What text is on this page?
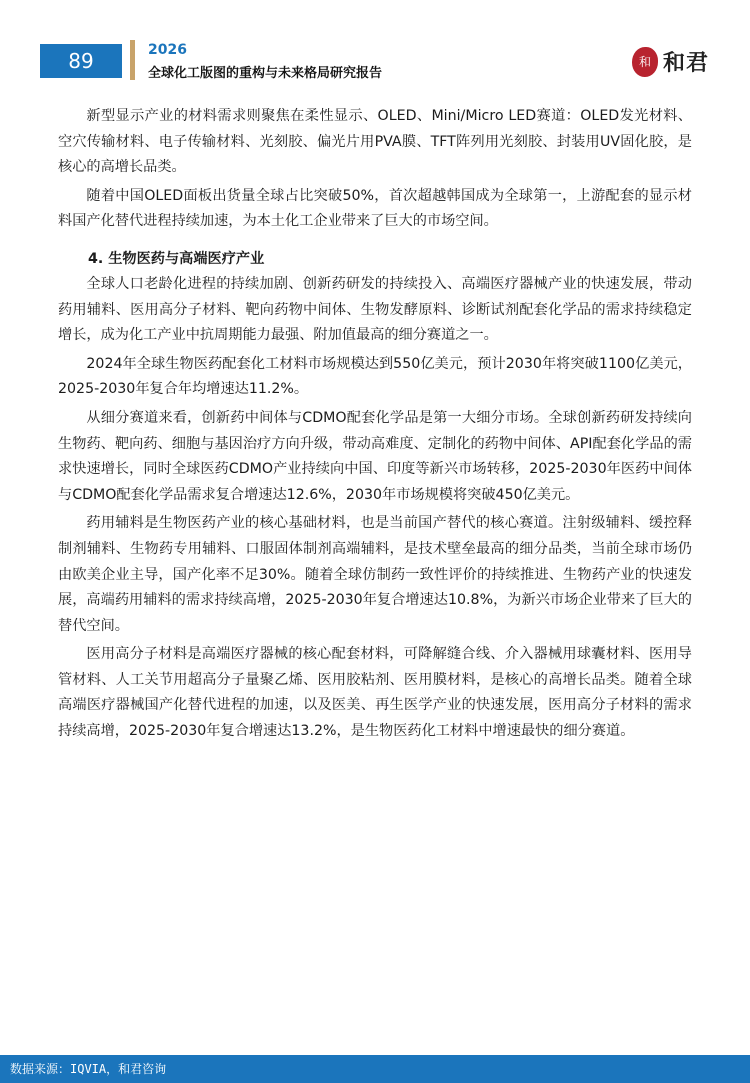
89	2026
全球化工版图的重构与未来格局研究报告
和 和君

新型显示产业的材料需求则聚焦在柔性显示、OLED、Mini/Micro LED赛道：OLED发光材料、空穴传输材料、电子传输材料、光刻胶、偏光片用PVA膜、TFT阵列用光刻胶、封装用UV固化胶，是核心的高增长品类。

随着中国OLED面板出货量全球占比突破50%，首次超越韩国成为全球第一，上游配套的显示材料国产化替代进程持续加速，为本土化工企业带来了巨大的市场空间。

4. 生物医药与高端医疗产业

全球人口老龄化进程的持续加剧、创新药研发的持续投入、高端医疗器械产业的快速发展，带动药用辅料、医用高分子材料、靶向药物中间体、生物发酵原料、诊断试剂配套化学品的需求持续稳定增长，成为化工产业中抗周期能力最强、附加值最高的细分赛道之一。

2024年全球生物医药配套化工材料市场规模达到550亿美元，预计2030年将突破1100亿美元，2025-2030年复合年均增速达11.2%。

从细分赛道来看，创新药中间体与CDMO配套化学品是第一大细分市场。全球创新药研发持续向生物药、靶向药、细胞与基因治疗方向升级，带动高难度、定制化的药物中间体、API配套化学品的需求快速增长，同时全球医药CDMO产业持续向中国、印度等新兴市场转移，2025-2030年医药中间体与CDMO配套化学品需求复合增速达12.6%，2030年市场规模将突破450亿美元。

药用辅料是生物医药产业的核心基础材料，也是当前国产替代的核心赛道。注射级辅料、缓控释制剂辅料、生物药专用辅料、口服固体制剂高端辅料，是技术壁垒最高的细分品类，当前全球市场仍由欧美企业主导，国产化率不足30%。随着全球仿制药一致性评价的持续推进、生物药产业的快速发展，高端药用辅料的需求持续高增，2025-2030年复合增速达10.8%，为新兴市场企业带来了巨大的替代空间。

医用高分子材料是高端医疗器械的核心配套材料，可降解缝合线、介入器械用球囊材料、医用导管材料、人工关节用超高分子量聚乙烯、医用胶粘剂、医用膜材料，是核心的高增长品类。随着全球高端医疗器械国产化替代进程的加速，以及医美、再生医学产业的快速发展，医用高分子材料的需求持续高增，2025-2030年复合增速达13.2%，是生物医药化工材料中增速最快的细分赛道。

数据来源：IQVIA，和君咨询
